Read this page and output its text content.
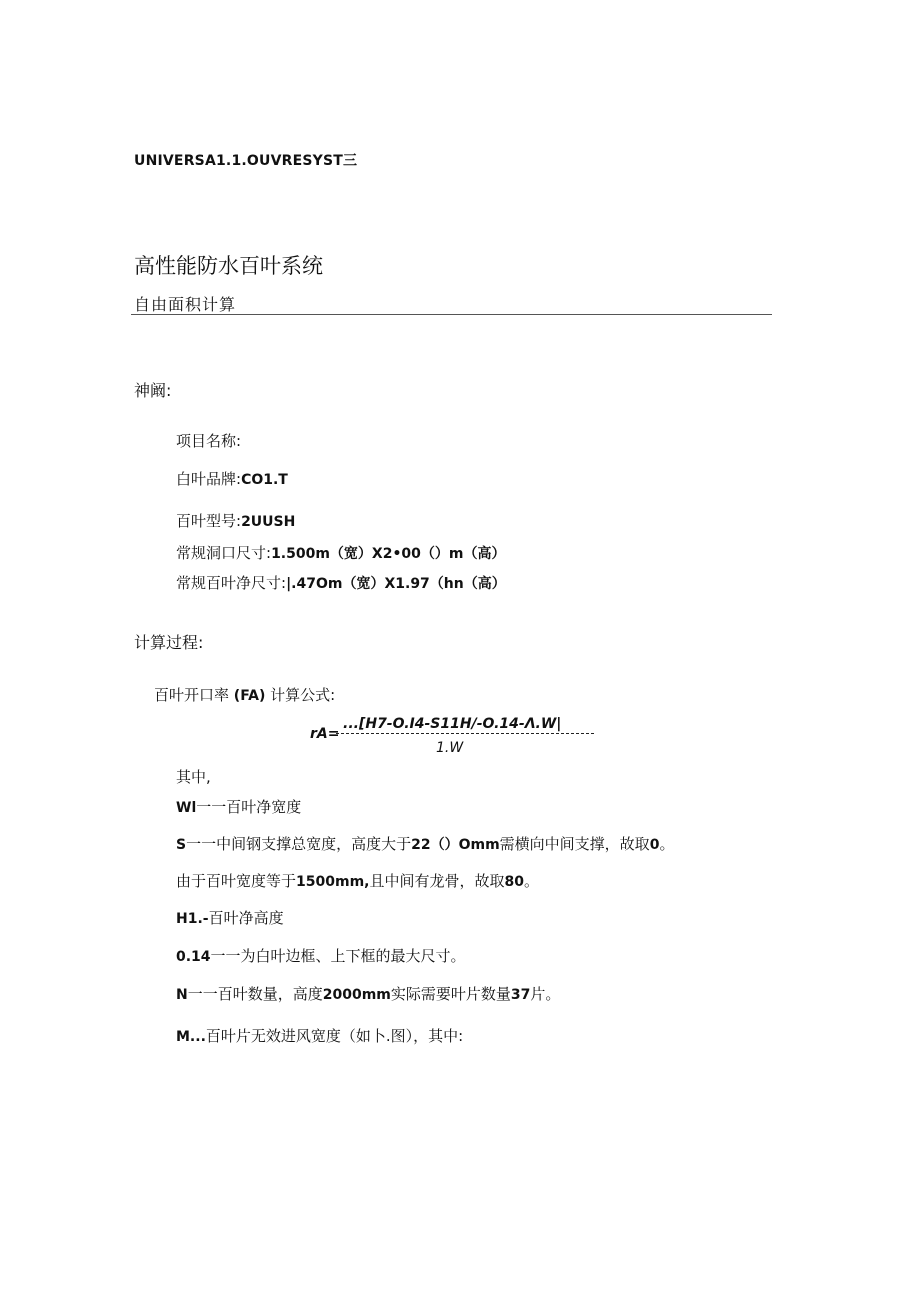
UNIVERSA1.1.OUVRESYST三
高性能防水百叶系统
自由面积计算
神阚:
项目名称:
白叶品牌:CO1.T
百叶型号:2UUSH
常规洞口尺寸:1.500m（宽）X2•00（）m（高）
常规百叶净尺寸:|.47Om（宽）X1.97（hn（高）
计算过程:
百叶开口率 (FA) 计算公式:
rA=
...[H7-O.I4-S11H/-O.14-Λ.W|
1.W
其中,
Wl一一百叶净宽度
S一一中间钢支撑总宽度，高度大于22（）Omm需横向中间支撑，故取0。
由于百叶宽度等于1500mm,且中间有龙骨，故取80。
H1.-百叶净高度
0.14一一为白叶边框、上下框的最大尺寸。
N一一百叶数量，高度2000mm实际需要叶片数量37片。
M...百叶片无效进风宽度（如卜.图），其中:
